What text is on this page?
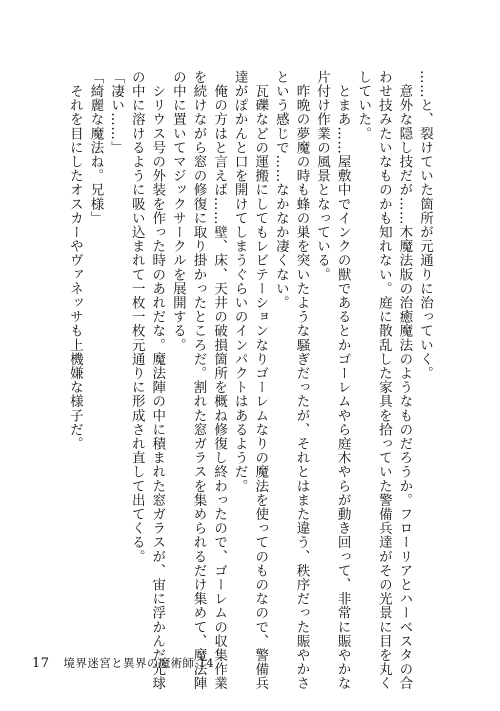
……と、裂けていた箇所が元通りに治っていく。
　意外な隠し技だが……木魔法版の治癒魔法のようなものだろうか。フローリアとハーベスタの合
わせ技みたいなものかも知れない。庭に散乱した家具を拾っていた警備兵達がその光景に目を丸く
していた。
　とまあ……屋敷中でインクの獣であるとかゴーレムやら庭木やらが動き回って、非常に賑やかな
片付け作業の風景となっている。
　昨晩の夢魔の時も蜂の巣を突いたような騒ぎだったが、それとはまた違う、秩序だった賑やかさ
という感じで……なかなか凄くない。
　瓦礫などの運搬にしてもレビテーションなりゴーレムなりの魔法を使ってのものなので、警備兵
達がぽかんと口を開けてしまうぐらいのインパクトはあるようだ。
　俺の方はと言えば……壁、床、天井の破損箇所を概ね修復し終わったので、ゴーレムの収集作業
を続けながら窓の修復に取り掛かったところだ。割れた窓ガラスを集められるだけ集めて、魔法陣
の中に置いてマジックサークルを展開する。
　シリウス号の外装を作った時のあれだな。魔法陣の中に積まれた窓ガラスが、宙に浮かんだ光球
の中に溶けるように吸い込まれて一枚一枚元通りに形成され直して出てくる。
「凄い……」
「綺麗な魔法ね。兄様」
　それを目にしたオスカーやヴァネッサも上機嫌な様子だ。
17 境界迷宮と異界の魔術師 14
